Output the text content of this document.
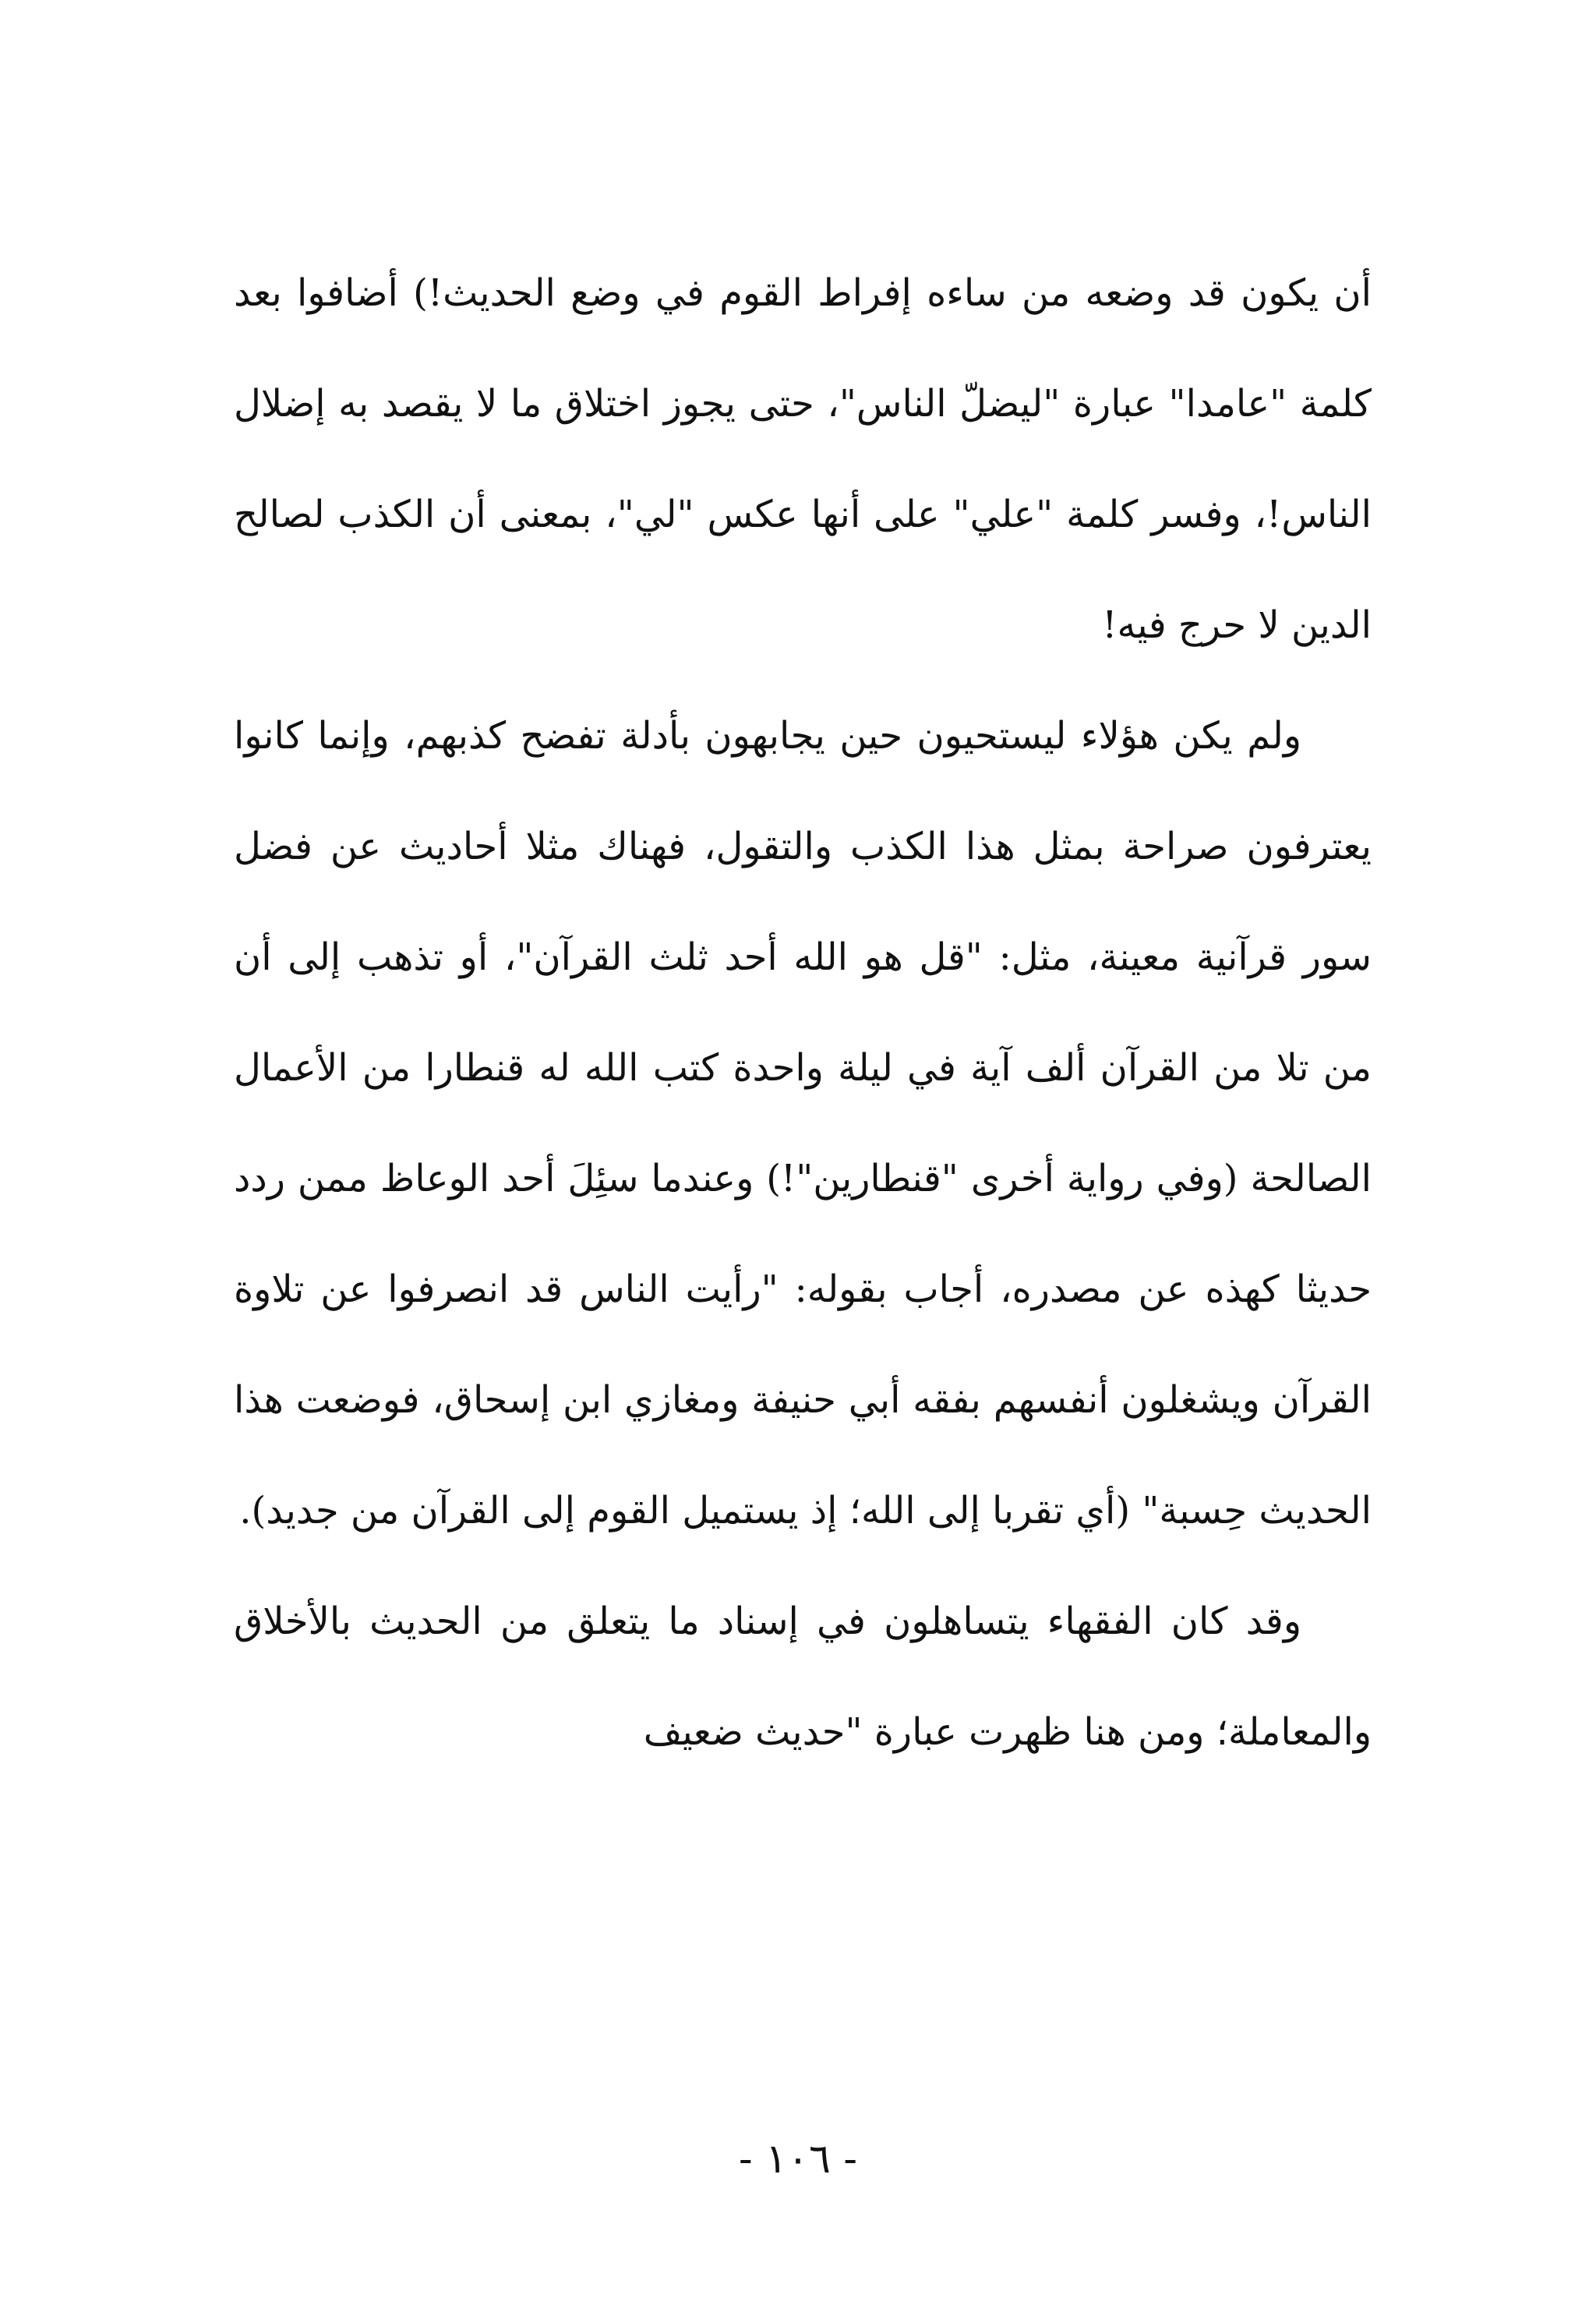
أن يكون قد وضعه من ساءه إفراط القوم في وضع الحديث!) أضافوا بعد كلمة "عامدا" عبارة "ليضلّ الناس"، حتى يجوز اختلاق ما لا يقصد به إضلال الناس!، وفسر كلمة "علي" على أنها عكس "لي"، بمعنى أن الكذب لصالح الدين لا حرج فيه!

ولم يكن هؤلاء ليستحيون حين يجابهون بأدلة تفضح كذبهم، وإنما كانوا يعترفون صراحة بمثل هذا الكذب والتقول، فهناك مثلا أحاديث عن فضل سور قرآنية معينة، مثل: "قل هو الله أحد ثلث القرآن"، أو تذهب إلى أن من تلا من القرآن ألف آية في ليلة واحدة كتب الله له قنطارا من الأعمال الصالحة (وفي رواية أخرى "قنطارين"!) وعندما سئِلَ أحد الوعاظ ممن ردد حديثا كهذه عن مصدره، أجاب بقوله: "رأيت الناس قد انصرفوا عن تلاوة القرآن ويشغلون أنفسهم بفقه أبي حنيفة ومغازي ابن إسحاق، فوضعت هذا الحديث حِسبة" (أي تقربا إلى الله؛ إذ يستميل القوم إلى القرآن من جديد).

وقد كان الفقهاء يتساهلون في إسناد ما يتعلق من الحديث بالأخلاق والمعاملة؛ ومن هنا ظهرت عبارة "حديث ضعيف

- ١٠٦ -
